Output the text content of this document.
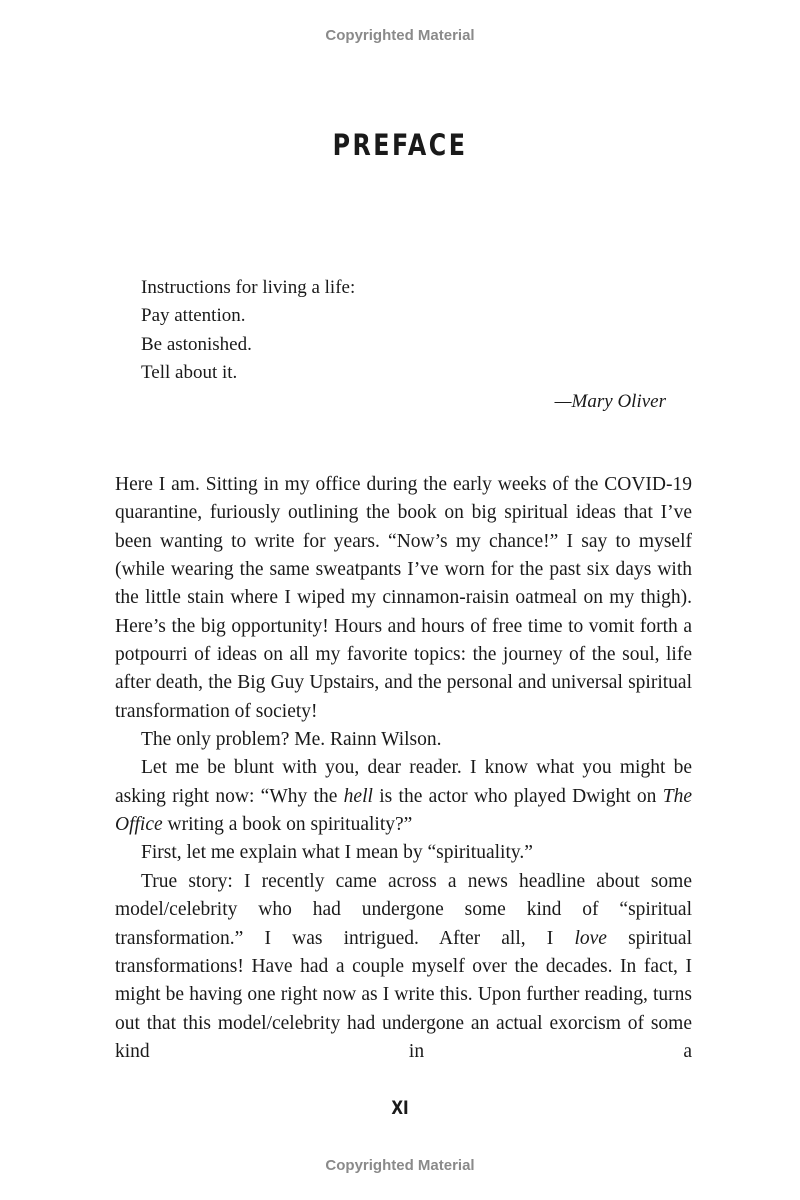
Copyrighted Material
PREFACE
Instructions for living a life:
Pay attention.
Be astonished.
Tell about it.
—Mary Oliver

Here I am. Sitting in my office during the early weeks of the COVID-19 quarantine, furiously outlining the book on big spiritual ideas that I’ve been wanting to write for years. “Now’s my chance!” I say to myself (while wearing the same sweatpants I’ve worn for the past six days with the little stain where I wiped my cinnamon-raisin oatmeal on my thigh). Here’s the big opportunity! Hours and hours of free time to vomit forth a potpourri of ideas on all my favorite topics: the journey of the soul, life after death, the Big Guy Upstairs, and the personal and universal spiritual transformation of society!

The only problem? Me. Rainn Wilson.

Let me be blunt with you, dear reader. I know what you might be asking right now: “Why the hell is the actor who played Dwight on The Office writing a book on spirituality?”

First, let me explain what I mean by “spirituality.”

True story: I recently came across a news headline about some model/celebrity who had undergone some kind of “spiritual transformation.” I was intrigued. After all, I love spiritual transformations! Have had a couple myself over the decades. In fact, I might be having one right now as I write this. Upon further reading, turns out that this model/celebrity had undergone an actual exorcism of some kind in a

XI
Copyrighted Material
